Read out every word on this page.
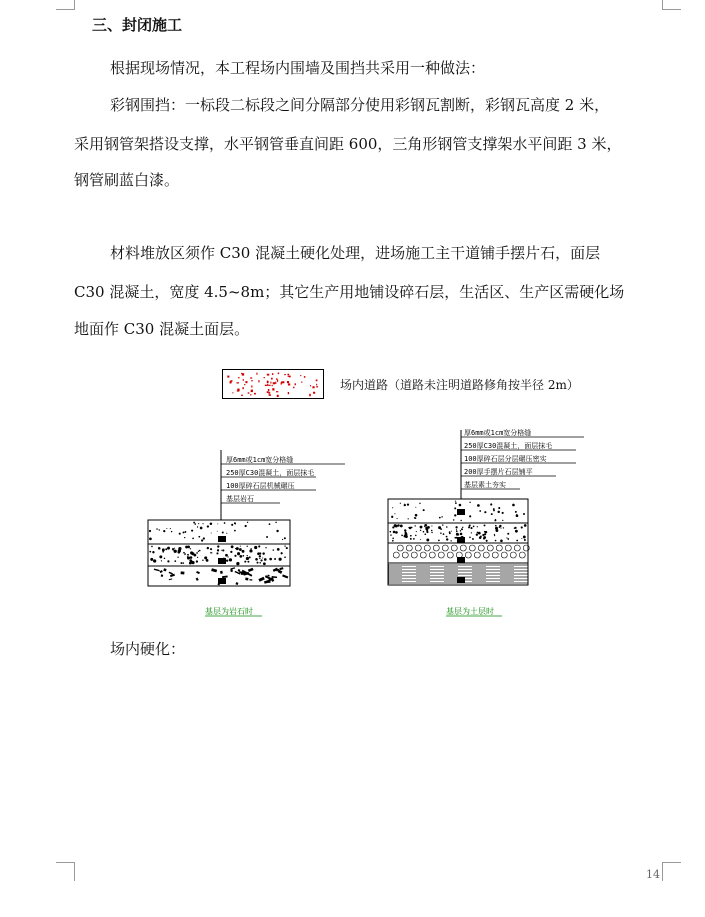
三、封闭施工
根据现场情况，本工程场内围墙及围挡共采用一种做法：
彩钢围挡：一标段二标段之间分隔部分使用彩钢瓦割断，彩钢瓦高度 2 米，
采用钢管架搭设支撑，水平钢管垂直间距 600，三角形钢管支撑架水平间距 3 米，
钢管刷蓝白漆。
材料堆放区须作 C30 混凝土硬化处理，进场施工主干道铺手摆片石，面层
C30 混凝土，宽度 4.5~8m；其它生产用地铺设碎石层，生活区、生产区需硬化场
地面作 C30 混凝土面层。
场内道路（道路未注明道路修角按半径 2m）
厚6mm或1cm宽分格缝
250厚C30混凝土，面层抹毛
100厚碎石层机械碾压
基层岩石
基层为岩石时
厚6mm或1cm宽分格缝
250厚C30混凝土，面层抹毛
100厚碎石层分层碾压密实
200厚手摆片石层铺平
基层素土夯实
基层为土层时
场内硬化：
14
